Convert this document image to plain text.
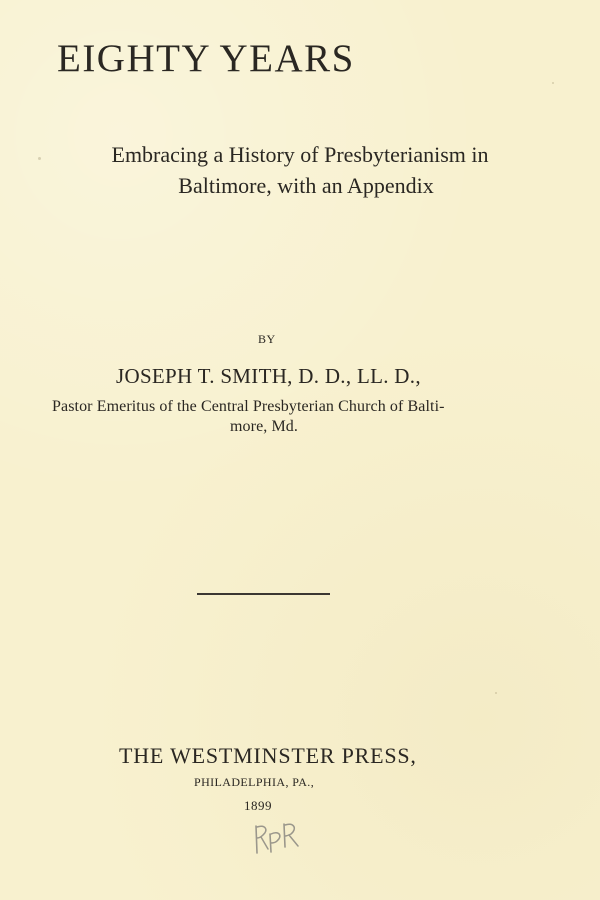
EIGHTY YEARS

Embracing a History of Presbyterianism in
Baltimore, with an Appendix

BY

JOSEPH T. SMITH, D. D., LL. D.,

Pastor Emeritus of the Central Presbyterian Church of Balti-

more, Md.

THE WESTMINSTER PRESS,

PHILADELPHIA, PA.,

1899
